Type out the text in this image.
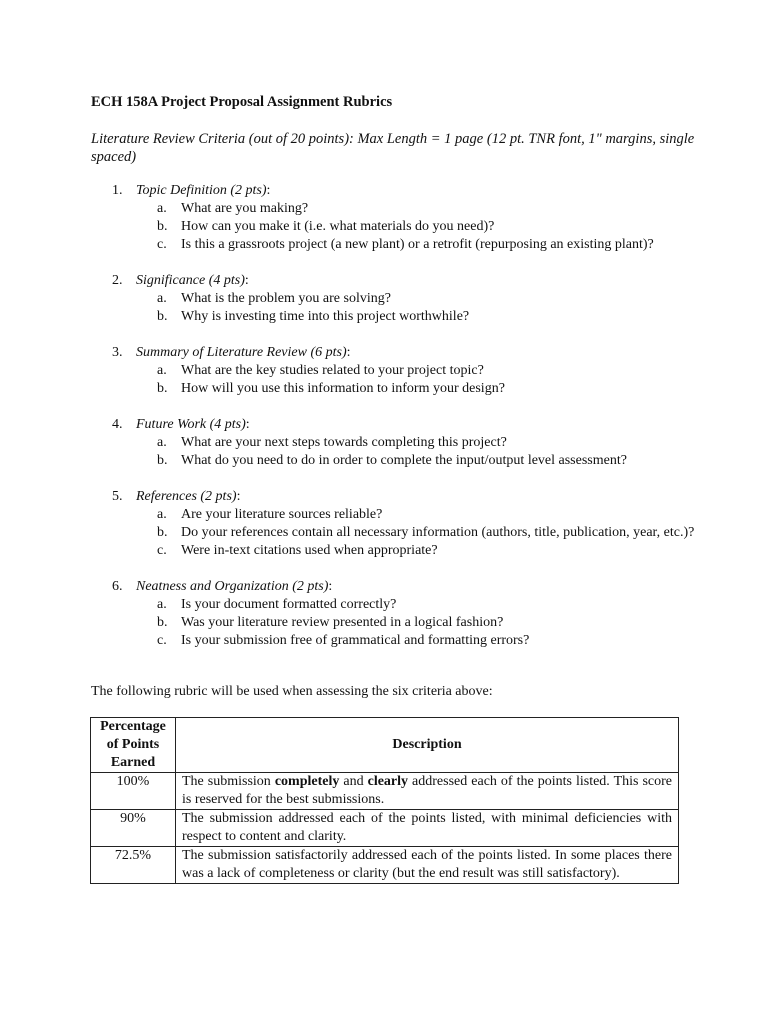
ECH 158A Project Proposal Assignment Rubrics
Literature Review Criteria (out of 20 points): Max Length = 1 page (12 pt. TNR font, 1" margins, single spaced)
1. Topic Definition (2 pts) :
a.	What are you making?
b. How can you make it (i.e. what materials do you need)?
c.	Is this a grassroots project (a new plant) or a retrofit (repurposing an existing plant)?
2. Significance (4 pts) :
a.	What is the problem you are solving?
b. Why is investing time into this project worthwhile?
3. Summary of Literature Review (6 pts) :
a.	What are the key studies related to your project topic?
b. How will you use this information to inform your design?
4. Future Work (4 pts) :
a.	What are your next steps towards completing this project?
b. What do you need to do in order to complete the input/output level assessment?
5. References (2 pts) :
a.	Are your literature sources reliable?
b. Do your references contain all necessary information (authors, title, publication, year, etc.)?
c.	Were in-text citations used when appropriate?
6. Neatness and Organization (2 pts) :
a.	Is your document formatted correctly?
b. Was your literature review presented in a logical fashion?
c.	Is your submission free of grammatical and formatting errors?
The following rubric will be used when assessing the six criteria above:
Percentage of Points Earned	Description
100%	The submission completely and clearly addressed each of the points listed. This score is reserved for the best submissions.
90%	The submission addressed each of the points listed, with minimal deficiencies with respect to content and clarity.
72.5%	The submission satisfactorily addressed each of the points listed. In some places there was a lack of completeness or clarity (but the end result was still satisfactory).
